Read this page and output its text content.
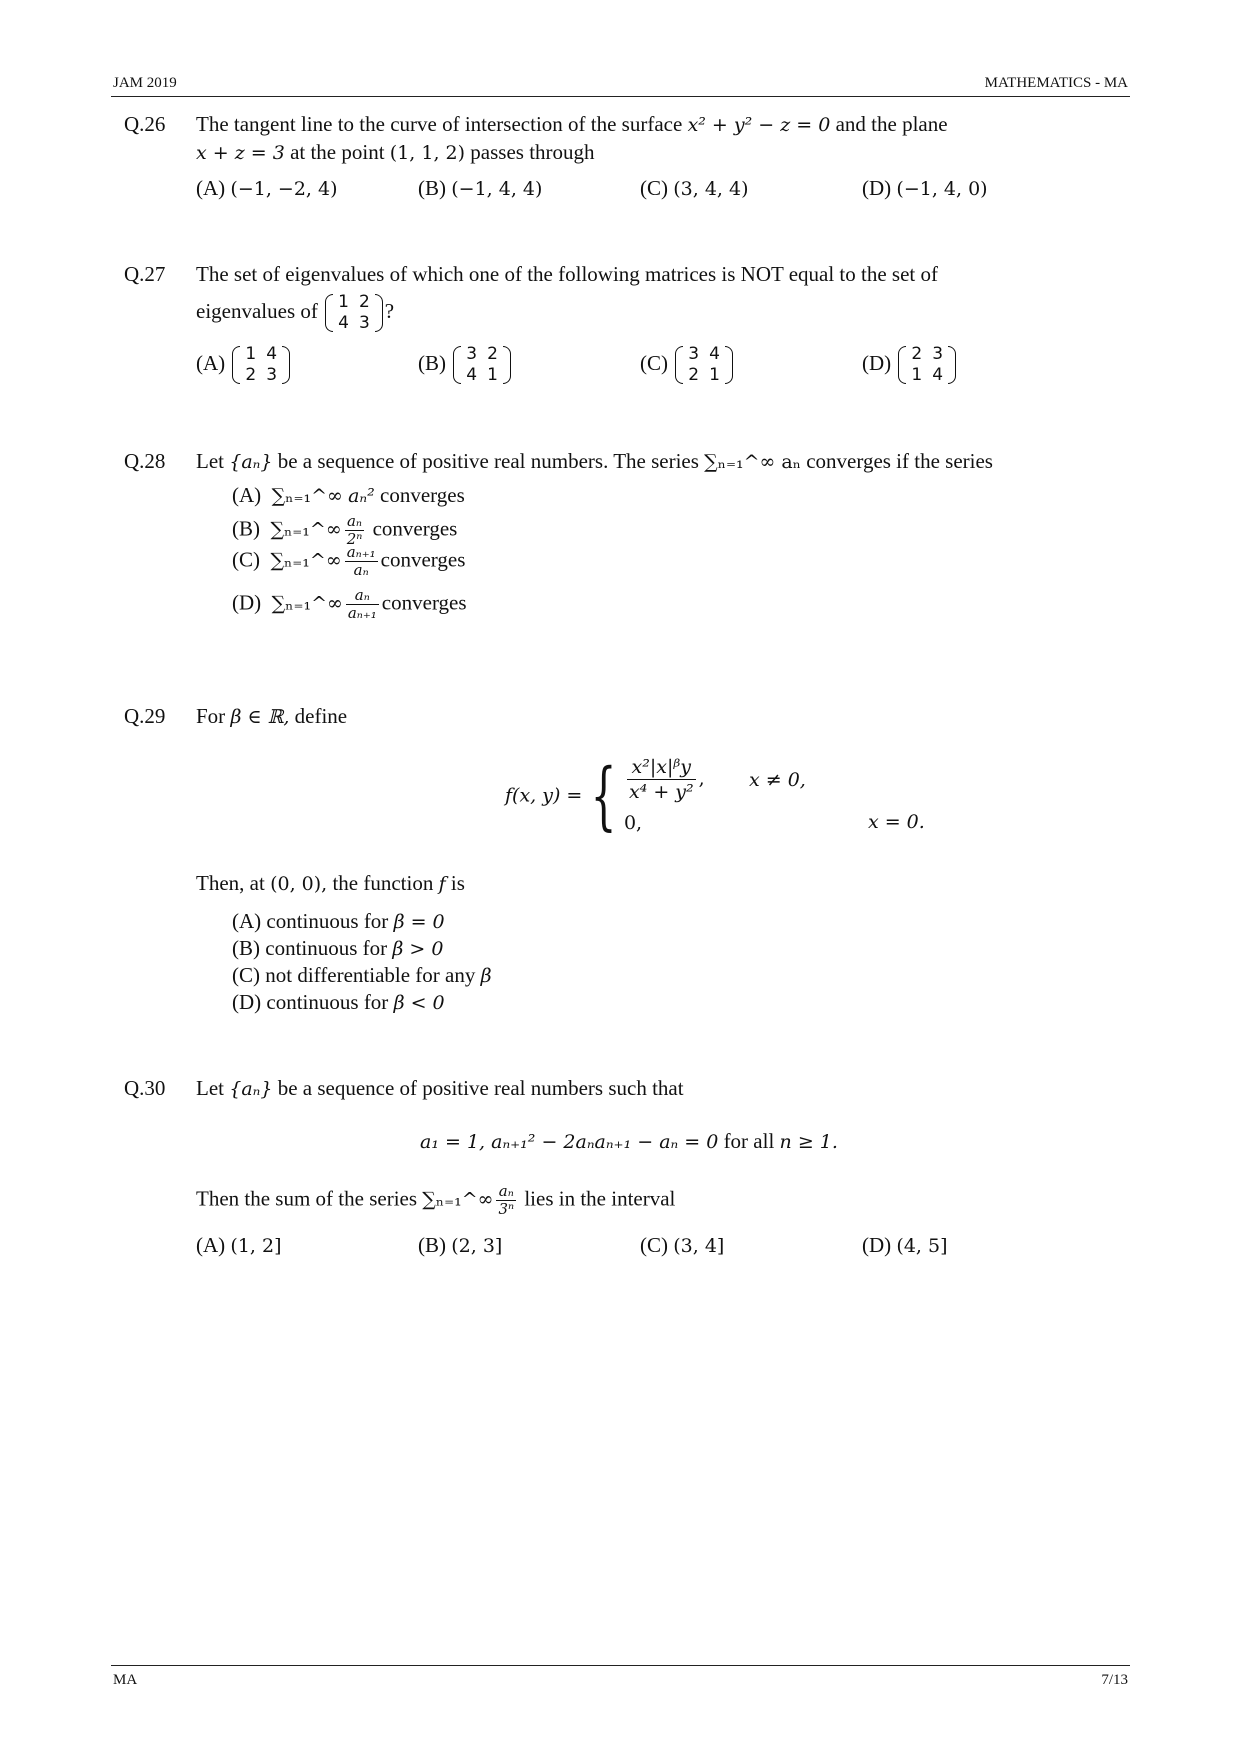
JAM 2019	MATHEMATICS - MA
Q.26 The tangent line to the curve of intersection of the surface x² + y² − z = 0 and the plane
x + z = 3 at the point (1, 1, 2) passes through
(A) (−1, −2, 4)	(B) (−1, 4, 4)	(C) (3, 4, 4)	(D) (−1, 4, 0)
Q.27 The set of eigenvalues of which one of the following matrices is NOT equal to the set of
eigenvalues of 1	2
4	3
?
(A) 1	4
2	3
(B) 3	2
4	1
(C) 3	4
2	1
(D) 2	3
1	4
Q.28 Let {aₙ} be a sequence of positive real numbers. The series ∑ₙ₌₁^∞ aₙ converges if the series
(A) ∑ₙ₌₁^∞ aₙ² converges
(B) ∑ₙ₌₁^∞ $\frac{\text{aₙ}}{\text{2ⁿ}}$ converges
(C) ∑ₙ₌₁^∞ $\frac{\text{aₙ₊₁}}{\text{aₙ}}$ converges
(D) ∑ₙ₌₁^∞ $\frac{\text{aₙ}}{\text{aₙ₊₁}}$ converges
Q.29 For β ∈ ℝ, define
f(x, y) = { $\frac{\text{x²|x|ᵝy}}{\text{x⁴ + y²}}$ , x ≠ 0,
0,	x = 0.
Then, at (0, 0), the function f is
(A) continuous for β = 0
(B) continuous for β > 0
(C) not differentiable for any β
(D) continuous for β < 0
Q.30 Let {aₙ} be a sequence of positive real numbers such that
a₁ = 1, aₙ₊₁² − 2aₙaₙ₊₁ − aₙ = 0 for all n ≥ 1.
Then the sum of the series ∑ₙ₌₁^∞ $\frac{\text{aₙ}}{\text{3ⁿ}}$ lies in the interval
(A) (1, 2]	(B) (2, 3]	(C) (3, 4]	(D) (4, 5]
MA	7/13
